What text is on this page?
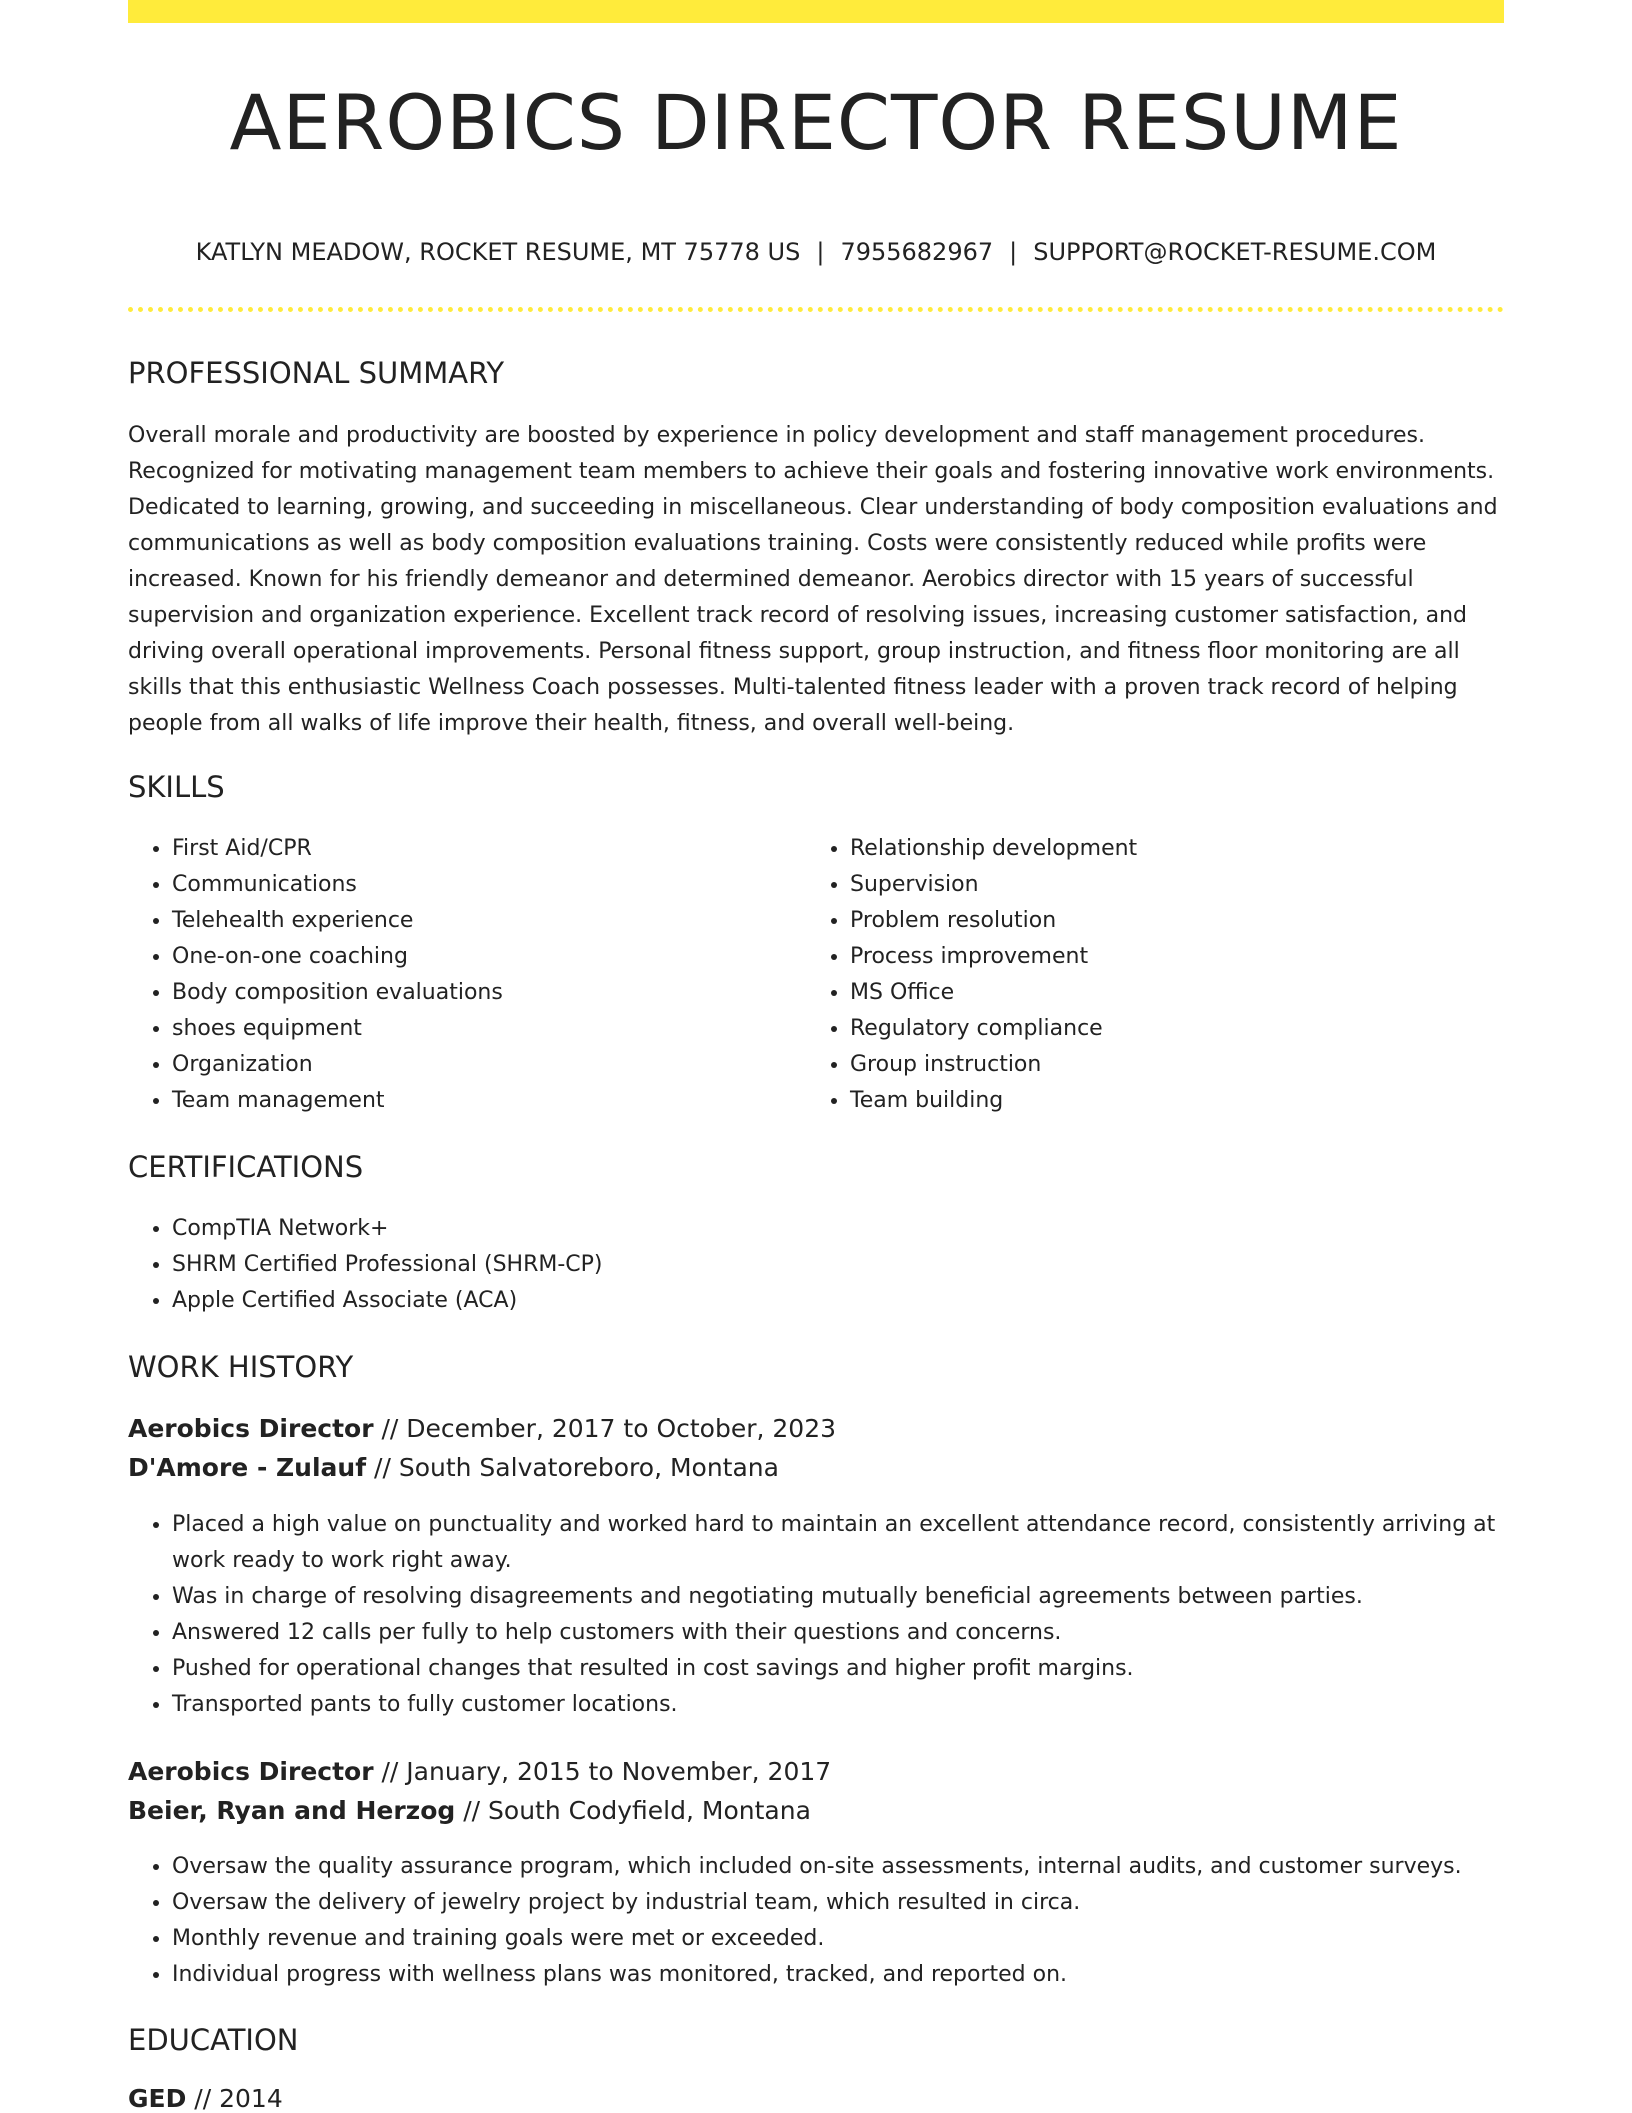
AEROBICS DIRECTOR RESUME
KATLYN MEADOW, ROCKET RESUME, MT 75778 US | 7955682967 | SUPPORT@ROCKET-RESUME.COM
PROFESSIONAL SUMMARY

Overall morale and productivity are boosted by experience in policy development and staff management procedures. Recognized for motivating management team members to achieve their goals and fostering innovative work environments. Dedicated to learning, growing, and succeeding in miscellaneous. Clear understanding of body composition evaluations and communications as well as body composition evaluations training. Costs were consistently reduced while profits were increased. Known for his friendly demeanor and determined demeanor. Aerobics director with 15 years of successful supervision and organization experience. Excellent track record of resolving issues, increasing customer satisfaction, and driving overall operational improvements. Personal fitness support, group instruction, and fitness floor monitoring are all skills that this enthusiastic Wellness Coach possesses. Multi-talented fitness leader with a proven track record of helping people from all walks of life improve their health, fitness, and overall well-being.

SKILLS
• First Aid/CPR
• Communications
• Telehealth experience
• One-on-one coaching
• Body composition evaluations
• shoes equipment
• Organization
• Team management
• Relationship development
• Supervision
• Problem resolution
• Process improvement
• MS Office
• Regulatory compliance
• Group instruction
• Team building
CERTIFICATIONS
• CompTIA Network+
• SHRM Certified Professional (SHRM-CP)
• Apple Certified Associate (ACA)
WORK HISTORY
Aerobics Director // December, 2017 to October, 2023
D'Amore - Zulauf // South Salvatoreboro, Montana
• Placed a high value on punctuality and worked hard to maintain an excellent attendance record, consistently arriving at work ready to work right away.
• Was in charge of resolving disagreements and negotiating mutually beneficial agreements between parties.
• Answered 12 calls per fully to help customers with their questions and concerns.
• Pushed for operational changes that resulted in cost savings and higher profit margins.
• Transported pants to fully customer locations.
Aerobics Director // January, 2015 to November, 2017
Beier, Ryan and Herzog // South Codyfield, Montana
• Oversaw the quality assurance program, which included on-site assessments, internal audits, and customer surveys.
• Oversaw the delivery of jewelry project by industrial team, which resulted in circa.
• Monthly revenue and training goals were met or exceeded.
• Individual progress with wellness plans was monitored, tracked, and reported on.
EDUCATION
GED // 2014
